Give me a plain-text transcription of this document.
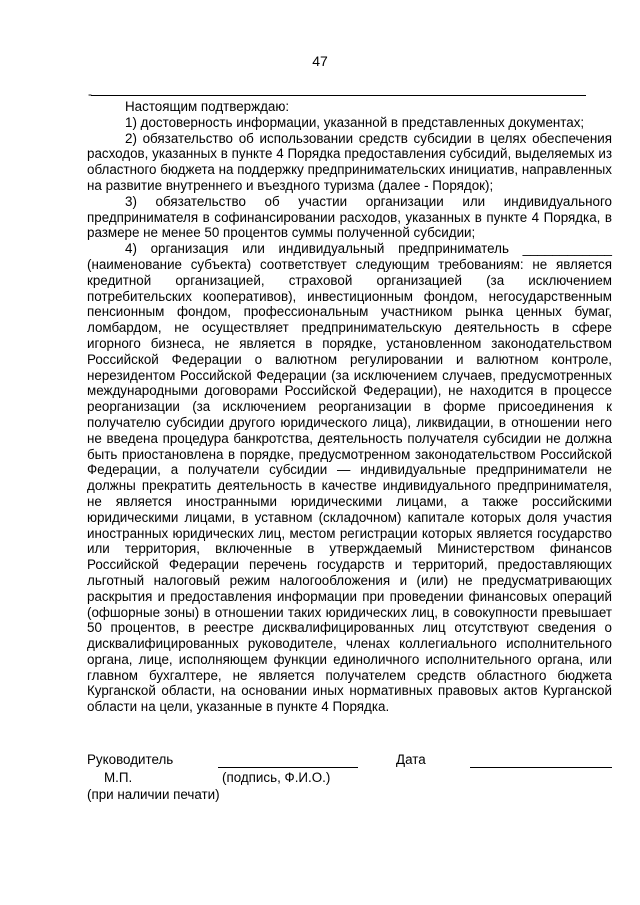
47
-

Настоящим подтверждаю:

1) достоверность информации, указанной в представленных документах;

2) обязательство об использовании средств субсидии в целях обеспечения расходов, указанных в пункте 4 Порядка предоставления субсидий, выделяемых из областного бюджета на поддержку предпринимательских инициатив, направленных на развитие внутреннего и въездного туризма (далее - Порядок);

3) обязательство об участии организации или индивидуального предпринимателя в софинансировании расходов, указанных в пункте 4 Порядка, в размере не менее 50 процентов суммы полученной субсидии;

4) организация или индивидуальный предприниматель ____________ (наименование субъекта) соответствует следующим требованиям: не является кредитной организацией, страховой организацией (за исключением потребительских кооперативов), инвестиционным фондом, негосударственным пенсионным фондом, профессиональным участником рынка ценных бумаг, ломбардом, не осуществляет предпринимательскую деятельность в сфере игорного бизнеса, не является в порядке, установленном законодательством Российской Федерации о валютном регулировании и валютном контроле, нерезидентом Российской Федерации (за исключением случаев, предусмотренных международными договорами Российской Федерации), не находится в процессе реорганизации (за исключением реорганизации в форме присоединения к получателю субсидии другого юридического лица), ликвидации, в отношении него не введена процедура банкротства, деятельность получателя субсидии не должна быть приостановлена в порядке, предусмотренном законодательством Российской Федерации, а получатели субсидии — индивидуальные предприниматели не должны прекратить деятельность в качестве индивидуального предпринимателя, не является иностранными юридическими лицами, а также российскими юридическими лицами, в уставном (складочном) капитале которых доля участия иностранных юридических лиц, местом регистрации которых является государство или территория, включенные в утверждаемый Министерством финансов Российской Федерации перечень государств и территорий, предоставляющих льготный налоговый режим налогообложения и (или) не предусматривающих раскрытия и предоставления информации при проведении финансовых операций (офшорные зоны) в отношении таких юридических лиц, в совокупности превышает 50 процентов, в реестре дисквалифицированных лиц отсутствуют сведения о дисквалифицированных руководителе, членах коллегиального исполнительного органа, лице, исполняющем функции единоличного исполнительного органа, или главном бухгалтере, не является получателем средств областного бюджета Курганской области, на основании иных нормативных правовых актов Курганской области на цели, указанные в пункте 4 Порядка.

Руководитель	Дата
М.П.	(подпись, Ф.И.О.)
(при наличии печати)
